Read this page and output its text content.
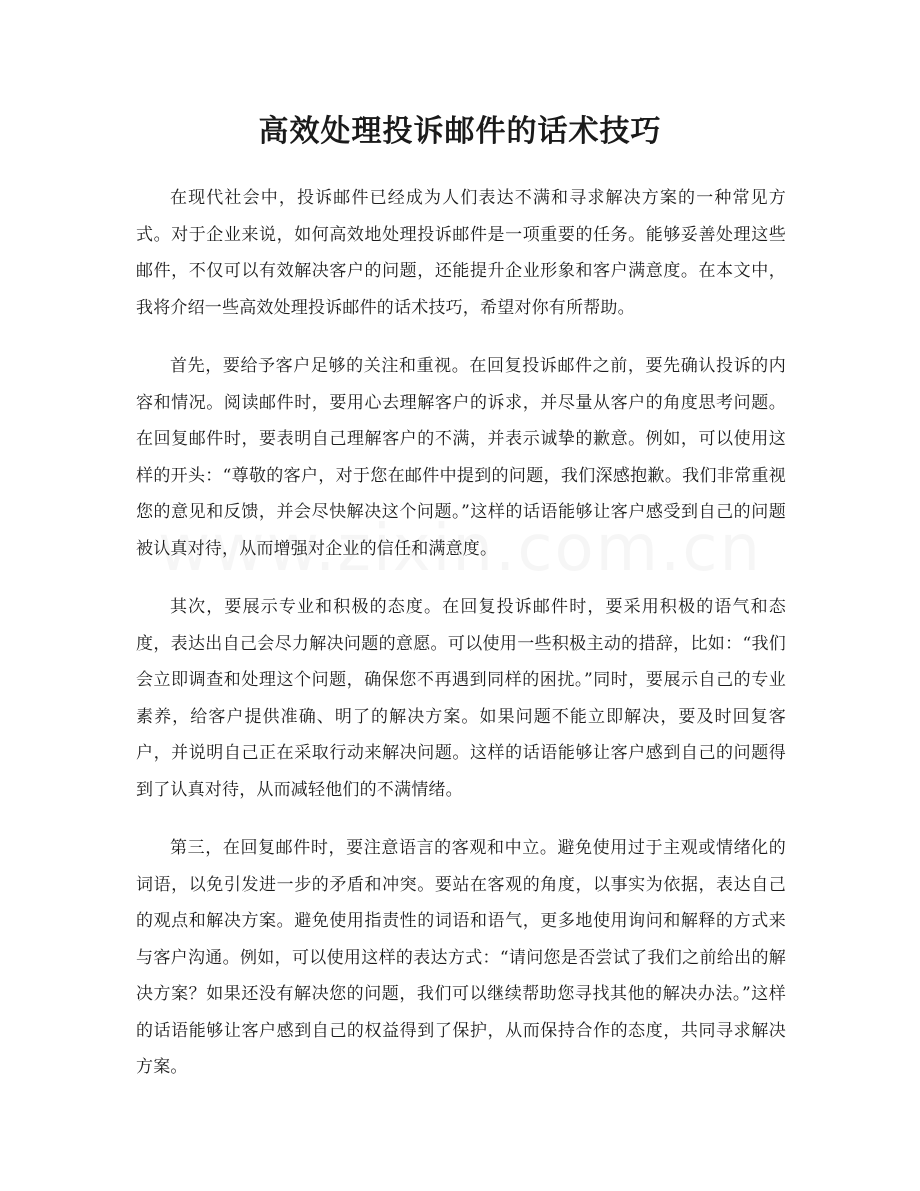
高效处理投诉邮件的话术技巧

在现代社会中，投诉邮件已经成为人们表达不满和寻求解决方案的一种常见方式。对于企业来说，如何高效地处理投诉邮件是一项重要的任务。能够妥善处理这些邮件，不仅可以有效解决客户的问题，还能提升企业形象和客户满意度。在本文中，我将介绍一些高效处理投诉邮件的话术技巧，希望对你有所帮助。

首先，要给予客户足够的关注和重视。在回复投诉邮件之前，要先确认投诉的内容和情况。阅读邮件时，要用心去理解客户的诉求，并尽量从客户的角度思考问题。在回复邮件时，要表明自己理解客户的不满，并表示诚挚的歉意。例如，可以使用这样的开头：“尊敬的客户，对于您在邮件中提到的问题，我们深感抱歉。我们非常重视您的意见和反馈，并会尽快解决这个问题。”这样的话语能够让客户感受到自己的问题被认真对待，从而增强对企业的信任和满意度。

其次，要展示专业和积极的态度。在回复投诉邮件时，要采用积极的语气和态度，表达出自己会尽力解决问题的意愿。可以使用一些积极主动的措辞，比如：“我们会立即调查和处理这个问题，确保您不再遇到同样的困扰。”同时，要展示自己的专业素养，给客户提供准确、明了的解决方案。如果问题不能立即解决，要及时回复客户，并说明自己正在采取行动来解决问题。这样的话语能够让客户感到自己的问题得到了认真对待，从而减轻他们的不满情绪。

第三，在回复邮件时，要注意语言的客观和中立。避免使用过于主观或情绪化的词语，以免引发进一步的矛盾和冲突。要站在客观的角度，以事实为依据，表达自己的观点和解决方案。避免使用指责性的词语和语气，更多地使用询问和解释的方式来与客户沟通。例如，可以使用这样的表达方式：“请问您是否尝试了我们之前给出的解决方案？如果还没有解决您的问题，我们可以继续帮助您寻找其他的解决办法。”这样的话语能够让客户感到自己的权益得到了保护，从而保持合作的态度，共同寻求解决方案。
